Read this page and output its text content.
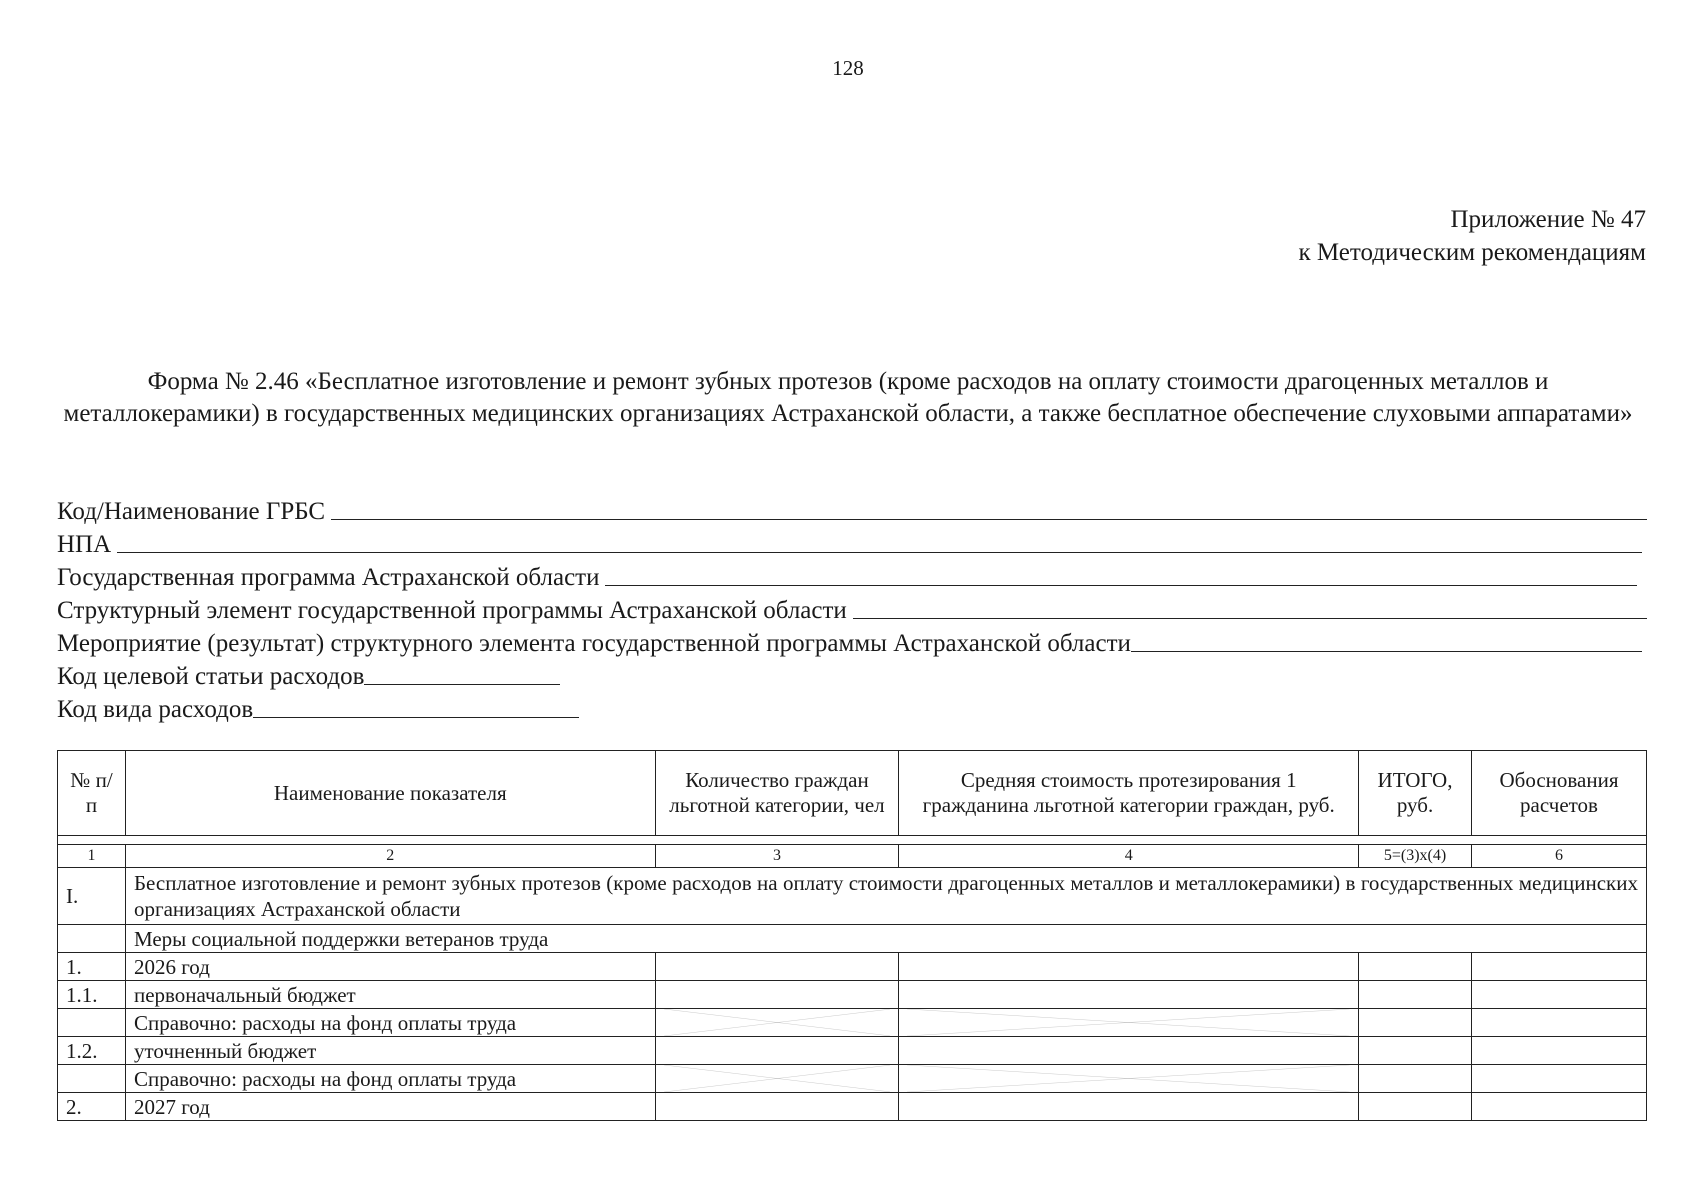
128
Приложение № 47
к Методическим рекомендациям
Форма № 2.46 «Бесплатное изготовление и ремонт зубных протезов (кроме расходов на оплату стоимости драгоценных металлов и металлокерамики) в государственных медицинских организациях Астраханской области, а также бесплатное обеспечение слуховыми аппаратами»
Код/Наименование ГРБС
НПА
Государственная программа Астраханской области
Структурный элемент государственной программы Астраханской области
Мероприятие (результат) структурного элемента государственной программы Астраханской области
Код целевой статьи расходов
Код вида расходов
№ п/п	Наименование показателя	Количество граждан льготной категории, чел	Средняя стоимость протезирования 1 гражданина льготной категории граждан, руб.	ИТОГО, руб.	Обоснования расчетов

1	2	3	4	5=(3)х(4)	6
I.	Бесплатное изготовление и ремонт зубных протезов (кроме расходов на оплату стоимости драгоценных металлов и металлокерамики) в государственных медицинских организациях Астраханской области				
	Меры социальной поддержки ветеранов труда				
1.	2026 год				
1.1.	первоначальный бюджет				
	Справочно: расходы на фонд оплаты труда	

1.2.	уточненный бюджет				
	Справочно: расходы на фонд оплаты труда	

2.	2027 год				
